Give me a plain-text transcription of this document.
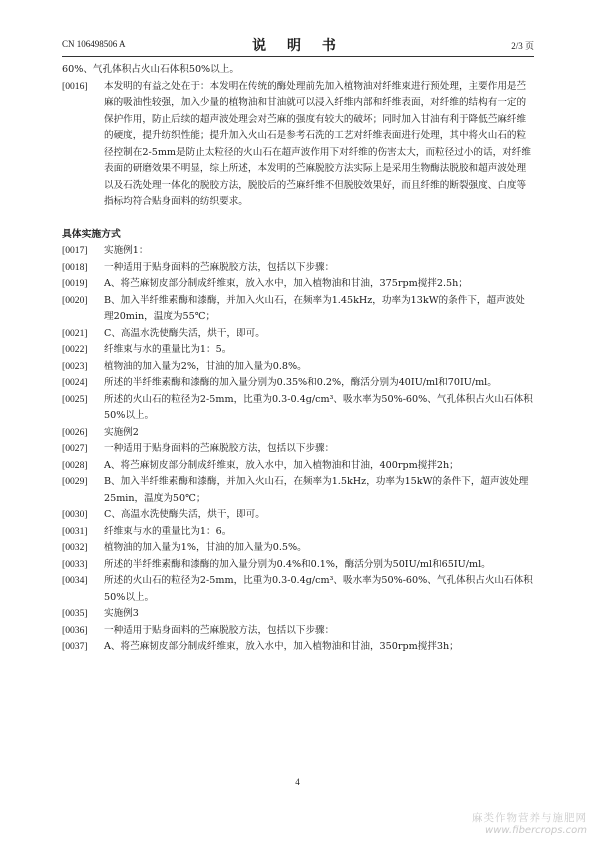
CN 106498506 A	说 明 书	2/3 页
60%、气孔体积占火山石体积50%以上。
[0016] 本发明的有益之处在于：本发明在传统的酶处理前先加入植物油对纤维束进行预处理，主要作用是苎麻的吸油性较强，加入少量的植物油和甘油就可以浸入纤维内部和纤维表面，对纤维的结构有一定的保护作用，防止后续的超声波处理会对苎麻的强度有较大的破坏；同时加入甘油有利于降低苎麻纤维的硬度，提升纺织性能；提升加入火山石是参考石洗的工艺对纤维表面进行处理，其中将火山石的粒径控制在2-5mm是防止太粒径的火山石在超声波作用下对纤维的伤害太大，而粒径过小的话，对纤维表面的研磨效果不明显，综上所述，本发明的苎麻脱胶方法实际上是采用生物酶法脱胶和超声波处理以及石洗处理一体化的脱胶方法，脱胶后的苎麻纤维不但脱胶效果好，而且纤维的断裂强度、白度等指标均符合贴身面料的纺织要求。
具体实施方式
[0017] 实施例1：
[0018] 一种适用于贴身面料的苎麻脱胶方法，包括以下步骤：
[0019] A、将苎麻韧皮部分制成纤维束，放入水中，加入植物油和甘油，375rpm搅拌2.5h；
[0020] B、加入半纤维素酶和漆酶，并加入火山石，在频率为1.45kHz，功率为13kW的条件下，超声波处理20min，温度为55℃；
[0021] C、高温水洗使酶失活，烘干，即可。
[0022] 纤维束与水的重量比为1：5。
[0023] 植物油的加入量为2%，甘油的加入量为0.8%。
[0024] 所述的半纤维素酶和漆酶的加入量分别为0.35%和0.2%，酶活分别为40IU/ml和70IU/ml。
[0025] 所述的火山石的粒径为2-5mm，比重为0.3-0.4g/cm³、吸水率为50%-60%、气孔体积占火山石体积50%以上。
[0026] 实施例2
[0027] 一种适用于贴身面料的苎麻脱胶方法，包括以下步骤：
[0028] A、将苎麻韧皮部分制成纤维束，放入水中，加入植物油和甘油，400rpm搅拌2h；
[0029] B、加入半纤维素酶和漆酶，并加入火山石，在频率为1.5kHz，功率为15kW的条件下，超声波处理25min，温度为50℃；
[0030] C、高温水洗使酶失活，烘干，即可。
[0031] 纤维束与水的重量比为1：6。
[0032] 植物油的加入量为1%，甘油的加入量为0.5%。
[0033] 所述的半纤维素酶和漆酶的加入量分别为0.4%和0.1%，酶活分别为50IU/ml和65IU/ml。
[0034] 所述的火山石的粒径为2-5mm，比重为0.3-0.4g/cm³、吸水率为50%-60%、气孔体积占火山石体积50%以上。
[0035] 实施例3
[0036] 一种适用于贴身面料的苎麻脱胶方法，包括以下步骤：
[0037] A、将苎麻韧皮部分制成纤维束，放入水中，加入植物油和甘油，350rpm搅拌3h；
4
麻类作物营养与施肥网
www.fibercrops.com
